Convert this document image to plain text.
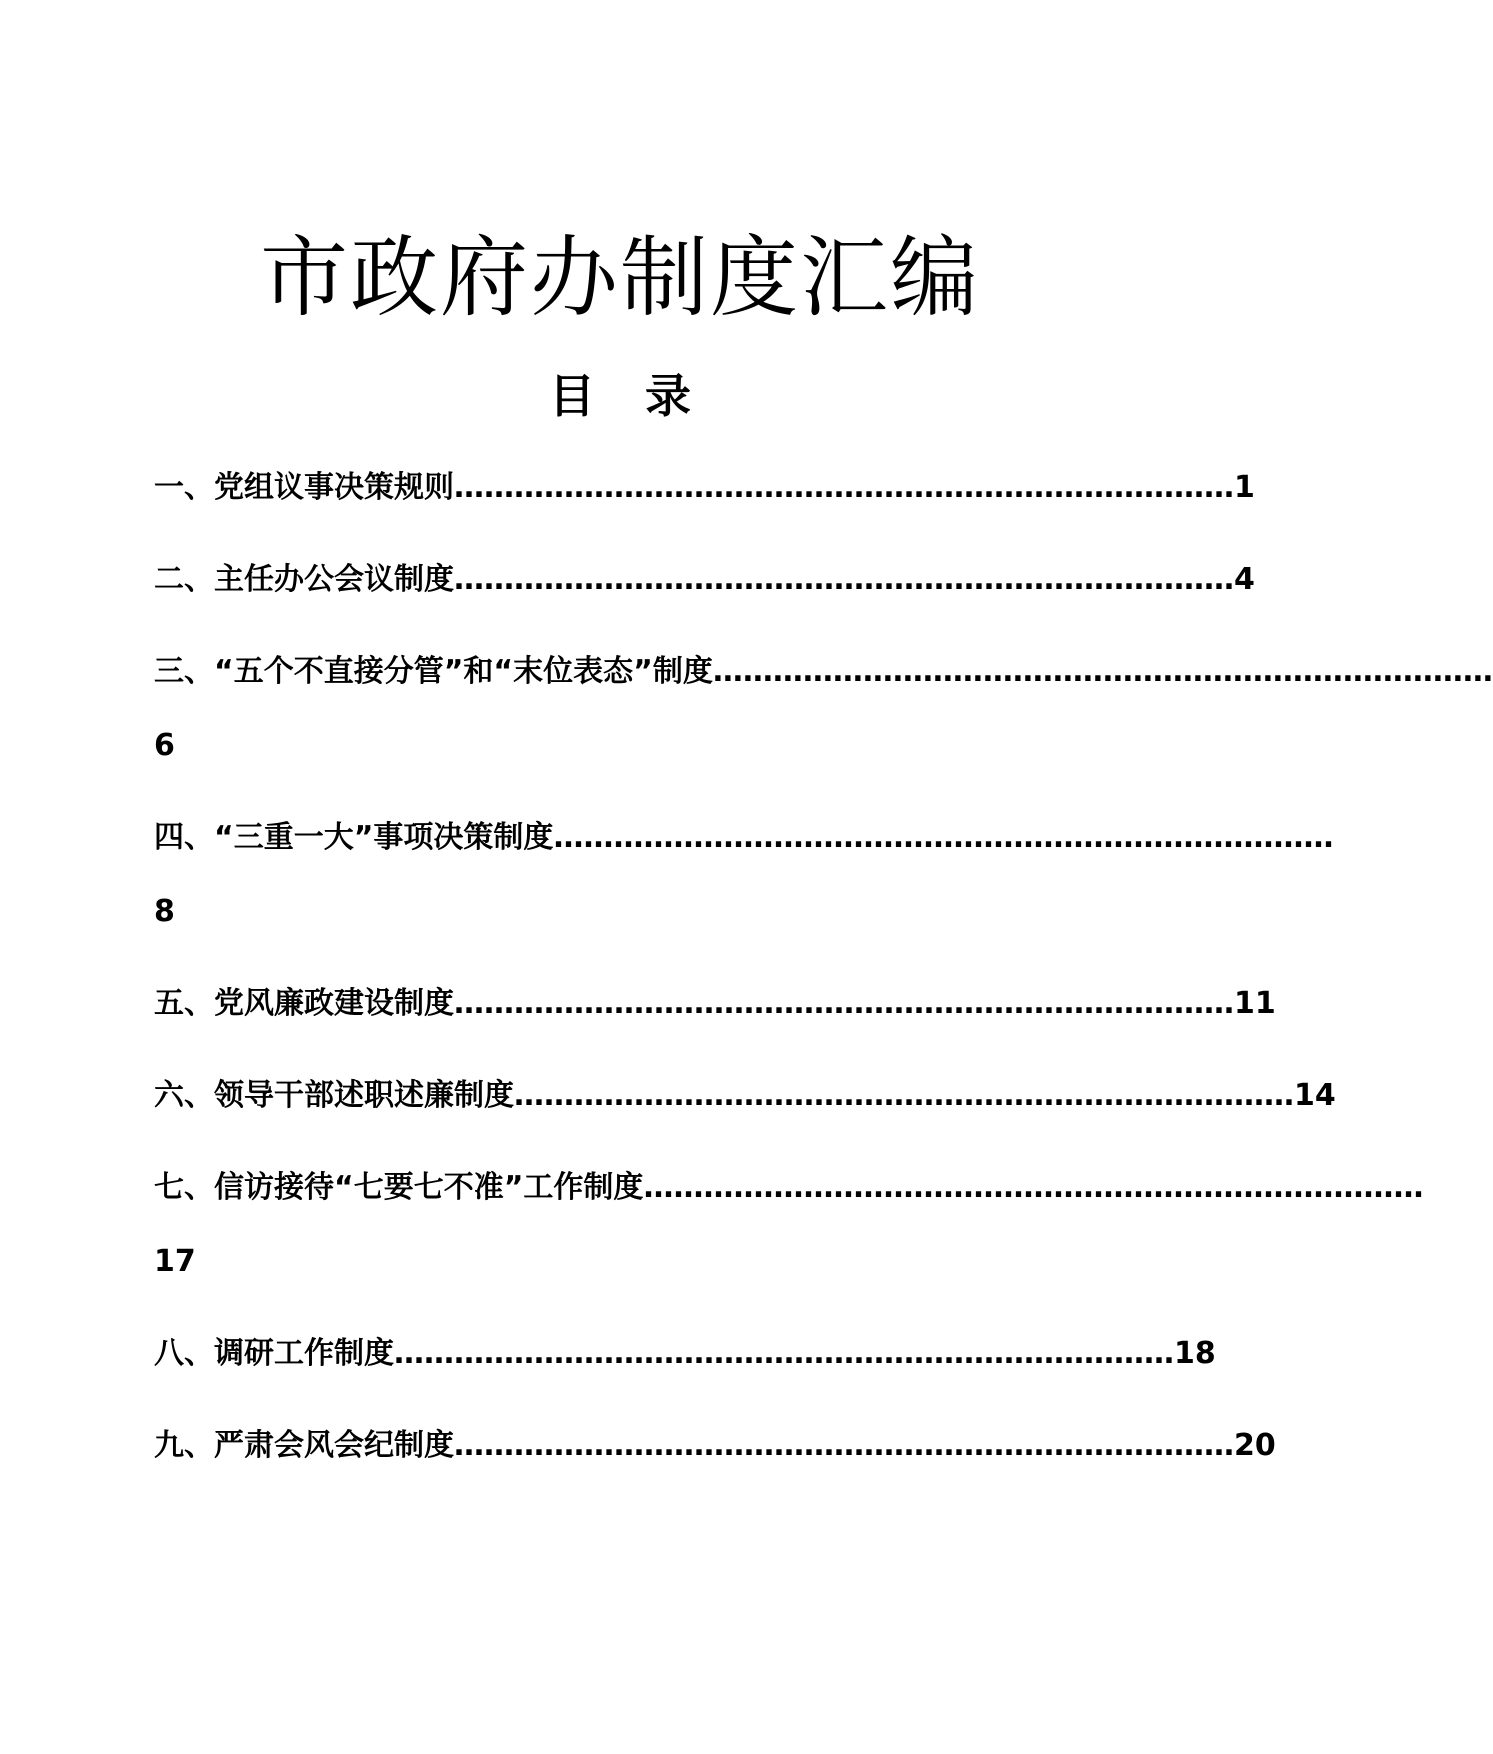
市政府办制度汇编
目 录
一、党组议事决策规则 …………………………………………………………………… 1
二、主任办公会议制度 …………………………………………………………………… 4
三、“五个不直接分管”和“末位表态”制度 ……………………………………………………………………
6
四、“三重一大”事项决策制度 ……………………………………………………………………
8
五、党风廉政建设制度 …………………………………………………………………… 11
六、领导干部述职述廉制度 …………………………………………………………………… 14
七、信访接待“七要七不准”工作制度 ……………………………………………………………………
17
八、调研工作制度 …………………………………………………………………… 18
九、严肃会风会纪制度 …………………………………………………………………… 20
